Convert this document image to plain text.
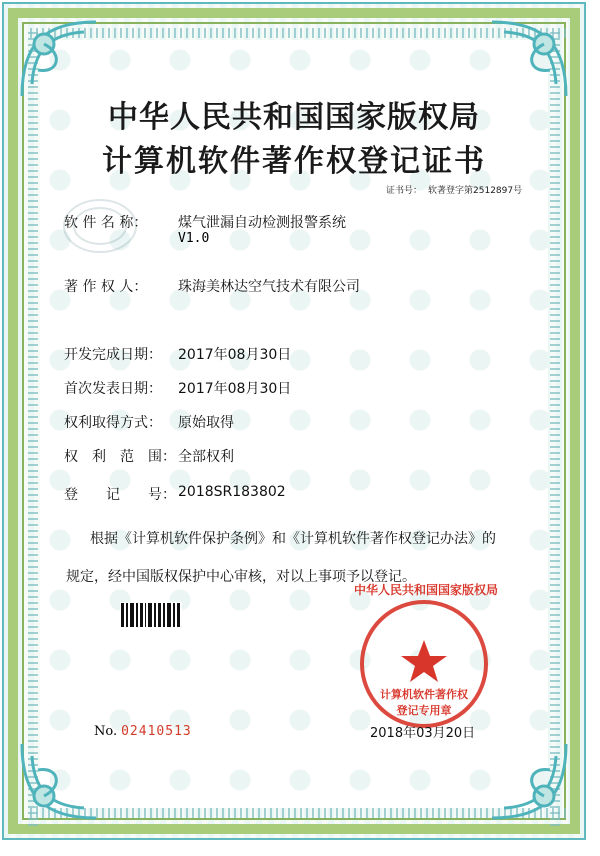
中华人民共和国国家版权局
计算机软件著作权登记证书
证书号： 软著登字第2512897号
软 件 名 称： 煤气泄漏自动检测报警系统
V1.0
著 作 权 人： 珠海美林达空气技术有限公司
开发完成日期： 2017年08月30日
首次发表日期： 2017年08月30日
权利取得方式： 原始取得
权　利　范　围： 全部权利
登　　记　　号： 2018SR183802
根据《计算机软件保护条例》和《计算机软件著作权登记办法》的
规定，经中国版权保护中心审核，对以上事项予以登记。
No. 02410513
中华人民共和国国家版权局
计算机软件著作权
登记专用章
2018年03月20日
